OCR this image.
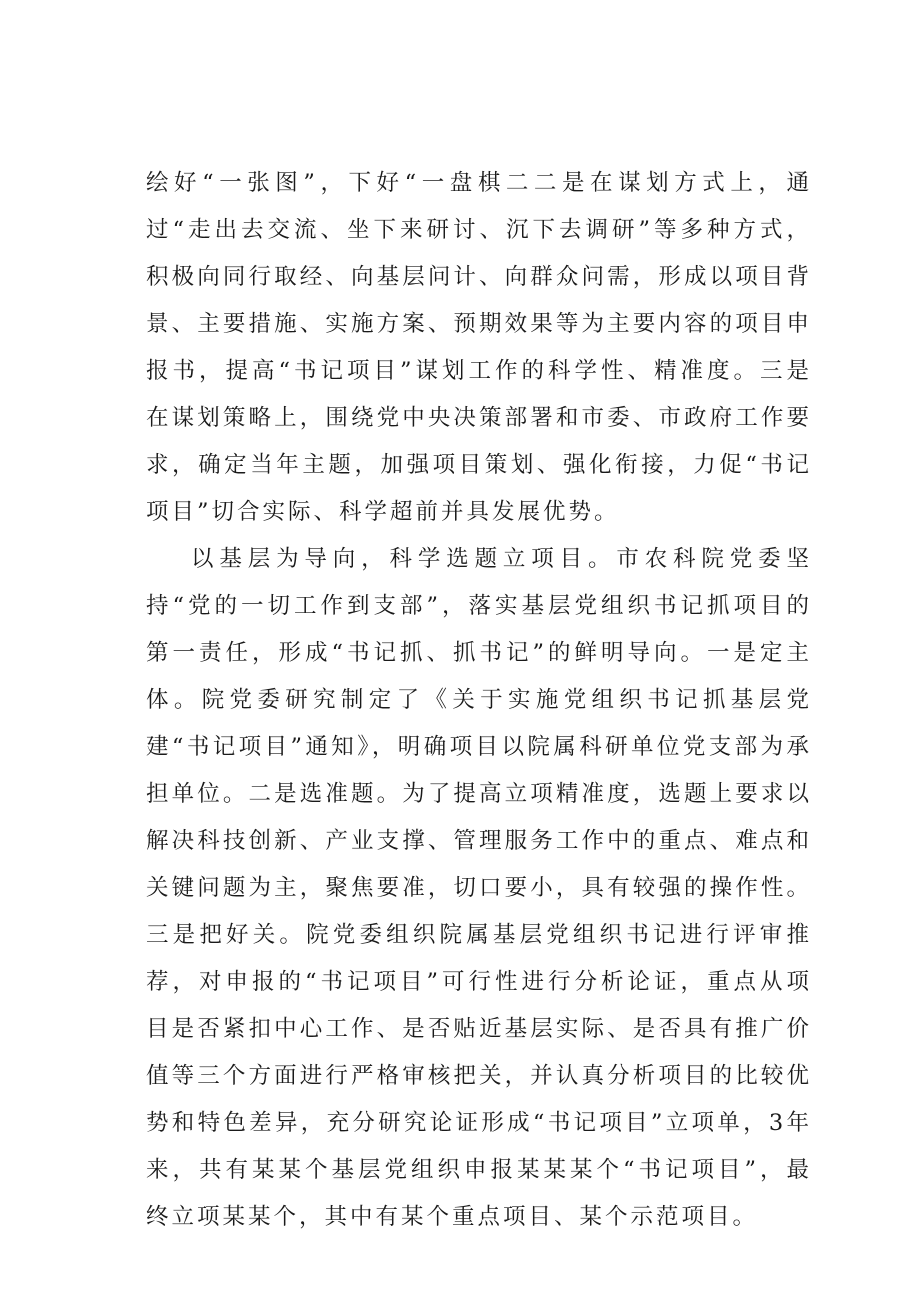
绘好“一张图”，下好“一盘棋二二是在谋划方式上，通过“走出去交流、坐下来研讨、沉下去调研”等多种方式，积极向同行取经、向基层问计、向群众问需，形成以项目背景、主要措施、实施方案、预期效果等为主要内容的项目申报书，提高“书记项目”谋划工作的科学性、精准度。三是在谋划策略上，围绕党中央决策部署和市委、市政府工作要求，确定当年主题，加强项目策划、强化衔接，力促“书记项目”切合实际、科学超前并具发展优势。

以基层为导向，科学选题立项目。市农科院党委坚持“党的一切工作到支部”，落实基层党组织书记抓项目的第一责任，形成“书记抓、抓书记”的鲜明导向。一是定主体。院党委研究制定了《关于实施党组织书记抓基层党建“书记项目”通知》，明确项目以院属科研单位党支部为承担单位。二是选准题。为了提高立项精准度，选题上要求以解决科技创新、产业支撑、管理服务工作中的重点、难点和关键问题为主，聚焦要准，切口要小，具有较强的操作性。三是把好关。院党委组织院属基层党组织书记进行评审推荐，对申报的“书记项目”可行性进行分析论证，重点从项目是否紧扣中心工作、是否贴近基层实际、是否具有推广价值等三个方面进行严格审核把关，并认真分析项目的比较优势和特色差异，充分研究论证形成“书记项目”立项单，3年来，共有某某个基层党组织申报某某某个“书记项目”，最终立项某某个，其中有某个重点项目、某个示范项目。
